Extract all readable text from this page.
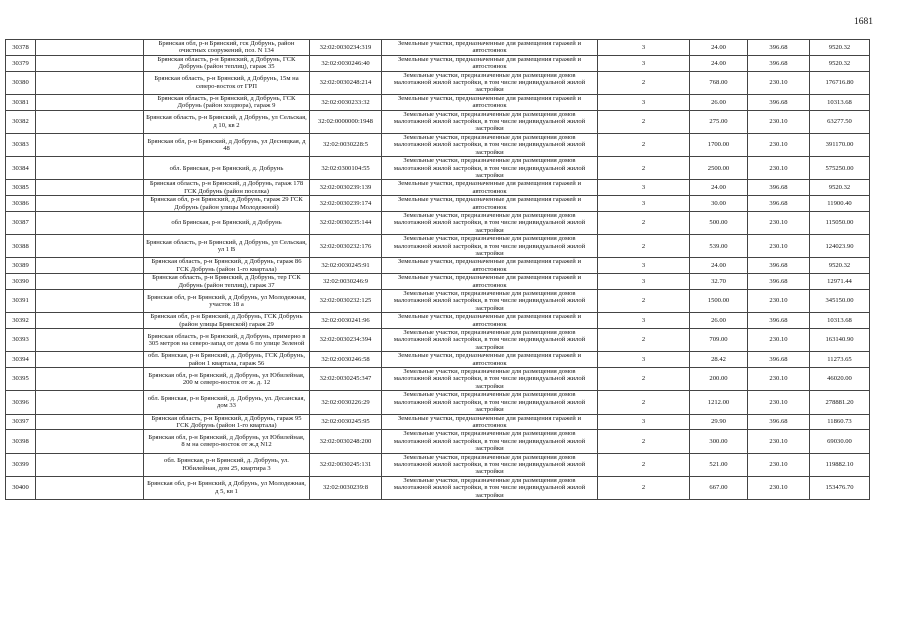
1681
30378		Брянская обл, р-н Брянский, гск Добрунь, район очистных сооружений, поз. N 134	32:02:0030234:319	Земельные участки, предназначенные для размещения гаражей и автостоянок	3	24.00	396.68	9520.32
30379		Брянская область, р-н Брянский, д Добрунь, ГСК Добрунь (район теплиц), гараж 35	32:02:0030246:40	Земельные участки, предназначенные для размещения гаражей и автостоянок	3	24.00	396.68	9520.32
30380		Брянская область, р-н Брянский, д Добрунь, 15м на северо-восток от ГРП	32:02:0030248:214	Земельные участки, предназначенные для размещения домов малоэтажной жилой застройки, в том числе индивидуальной жилой застройки	2	768.00	230.10	176716.80
30381		Брянская область, р-н Брянский, д Добрунь, ГСК Добрунь (район хоздвора), гараж 9	32:02:0030233:32	Земельные участки, предназначенные для размещения гаражей и автостоянок	3	26.00	396.68	10313.68
30382		Брянская область, р-н Брянский, д Добрунь, ул Сельская, д 10, кв 2	32:02:0000000:1948	Земельные участки, предназначенные для размещения домов малоэтажной жилой застройки, в том числе индивидуальной жилой застройки	2	275.00	230.10	63277.50
30383		Брянская обл, р-н Брянский, д Добрунь, ул Десняцкая, д 48	32:02:0030228:5	Земельные участки, предназначенные для размещения домов малоэтажной жилой застройки, в том числе индивидуальной жилой застройки	2	1700.00	230.10	391170.00
30384		обл. Брянская, р-н Брянский, д. Добрунь	32:02:0300104:55	Земельные участки, предназначенные для размещения домов малоэтажной жилой застройки, в том числе индивидуальной жилой застройки	2	2500.00	230.10	575250.00
30385		Брянская область, р-н Брянский, д Добрунь, гараж 178 ГСК Добрунь (район поселка)	32:02:0030239:139	Земельные участки, предназначенные для размещения гаражей и автостоянок	3	24.00	396.68	9520.32
30386		Брянская обл, р-н Брянский, д Добрунь, гараж 29 ГСК Добрунь (район улицы Молодежной)	32:02:0030239:174	Земельные участки, предназначенные для размещения гаражей и автостоянок	3	30.00	396.68	11900.40
30387		обл Брянская, р-н Брянский, д Добрунь	32:02:0030235:144	Земельные участки, предназначенные для размещения домов малоэтажной жилой застройки, в том числе индивидуальной жилой застройки	2	500.00	230.10	115050.00
30388		Брянская область, р-н Брянский, д Добрунь, ул Сельская, ул 1 В	32:02:0030232:176	Земельные участки, предназначенные для размещения домов малоэтажной жилой застройки, в том числе индивидуальной жилой застройки	2	539.00	230.10	124023.90
30389		Брянская область, р-н Брянский, д Добрунь, гараж 86 ГСК Добрунь (район 1-го квартала)	32:02:0030245:91	Земельные участки, предназначенные для размещения гаражей и автостоянок	3	24.00	396.68	9520.32
30390		Брянская область, р-н Брянский, д Добрунь, тер ГСК Добрунь (район теплиц), гараж 37	32:02:0030246:9	Земельные участки, предназначенные для размещения гаражей и автостоянок	3	32.70	396.68	12971.44
30391		Брянская обл, р-н Брянский, д Добрунь, ул Молодежная, участок 18 а	32:02:0030232:125	Земельные участки, предназначенные для размещения домов малоэтажной жилой застройки, в том числе индивидуальной жилой застройки	2	1500.00	230.10	345150.00
30392		Брянская обл, р-н Брянский, д Добрунь, ГСК Добрунь (район улицы Брянской) гараж 29	32:02:0030241:96	Земельные участки, предназначенные для размещения гаражей и автостоянок	3	26.00	396.68	10313.68
30393		Брянская область, р-н Брянский, д Добрунь, примерно в 305 метров на северо-запад от дома 6 по улице Зеленой	32:02:0030234:394	Земельные участки, предназначенные для размещения домов малоэтажной жилой застройки, в том числе индивидуальной жилой застройки	2	709.00	230.10	163140.90
30394		обл. Брянская, р-н Брянский, д. Добрунь, ГСК Добрунь, район 1 квартала, гараж 56	32:02:0030246:58	Земельные участки, предназначенные для размещения гаражей и автостоянок	3	28.42	396.68	11273.65
30395		Брянская обл, р-н Брянский, д Добрунь, ул Юбилейная, 200 м северо-восток от ж. д. 12	32:02:0030245:347	Земельные участки, предназначенные для размещения домов малоэтажной жилой застройки, в том числе индивидуальной жилой застройки	2	200.00	230.10	46020.00
30396		обл. Брянская, р-н Брянский, д. Добрунь, ул. Десанская, дом 33	32:02:0030226:29	Земельные участки, предназначенные для размещения домов малоэтажной жилой застройки, в том числе индивидуальной жилой застройки	2	1212.00	230.10	278881.20
30397		Брянская область, р-н Брянский, д Добрунь, гараж 95 ГСК Добрунь (район 1-го квартала)	32:02:0030245:95	Земельные участки, предназначенные для размещения гаражей и автостоянок	3	29.90	396.68	11860.73
30398		Брянская обл, р-н Брянский, д Добрунь, ул Юбилейная, 8 м на северо-восток от ж.д N12	32:02:0030248:200	Земельные участки, предназначенные для размещения домов малоэтажной жилой застройки, в том числе индивидуальной жилой застройки	2	300.00	230.10	69030.00
30399		обл. Брянская, р-н Брянский, д. Добрунь, ул. Юбилейная, дом 25, квартира 3	32:02:0030245:131	Земельные участки, предназначенные для размещения домов малоэтажной жилой застройки, в том числе индивидуальной жилой застройки	2	521.00	230.10	119882.10
30400		Брянская обл, р-н Брянский, д Добрунь, ул Молодежная, д 5, кв 1	32:02:0030239:8	Земельные участки, предназначенные для размещения домов малоэтажной жилой застройки, в том числе индивидуальной жилой застройки	2	667.00	230.10	153476.70
